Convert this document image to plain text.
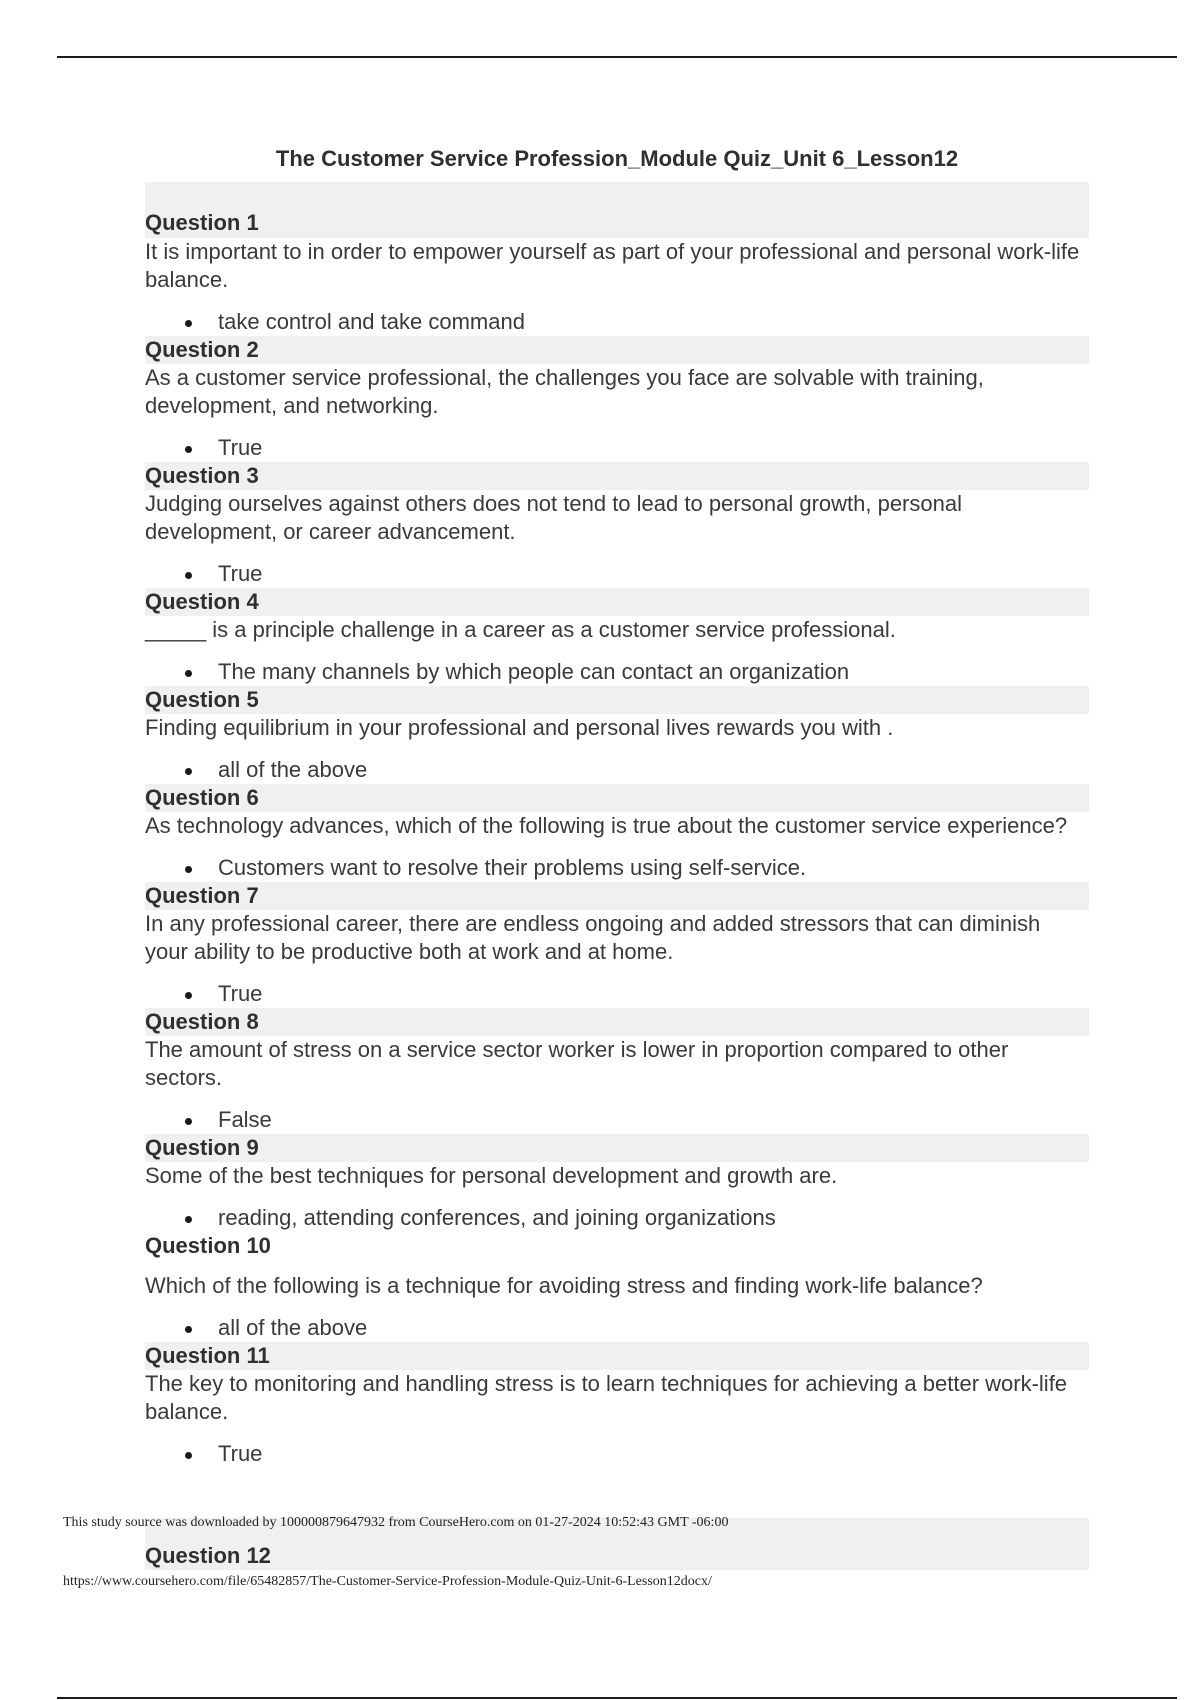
The Customer Service Profession_Module Quiz_Unit 6_Lesson12
Question 1
It is important to in order to empower yourself as part of your professional and personal work-life balance.
take control and take command
Question 2
As a customer service professional, the challenges you face are solvable with training, development, and networking.
True
Question 3
Judging ourselves against others does not tend to lead to personal growth, personal development, or career advancement.
True
Question 4
_____ is a principle challenge in a career as a customer service professional.
The many channels by which people can contact an organization
Question 5
Finding equilibrium in your professional and personal lives rewards you with .
all of the above
Question 6
As technology advances, which of the following is true about the customer service experience?
Customers want to resolve their problems using self-service.
Question 7
In any professional career, there are endless ongoing and added stressors that can diminish your ability to be productive both at work and at home.
True
Question 8
The amount of stress on a service sector worker is lower in proportion compared to other sectors.
False
Question 9
Some of the best techniques for personal development and growth are.
reading, attending conferences, and joining organizations
Question 10
Which of the following is a technique for avoiding stress and finding work-life balance?
all of the above
Question 11
The key to monitoring and handling stress is to learn techniques for achieving a better work-life balance.
True
This study source was downloaded by 100000879647932 from CourseHero.com on 01-27-2024 10:52:43 GMT -06:00
Question 12
https://www.coursehero.com/file/65482857/The-Customer-Service-Profession-Module-Quiz-Unit-6-Lesson12docx/
